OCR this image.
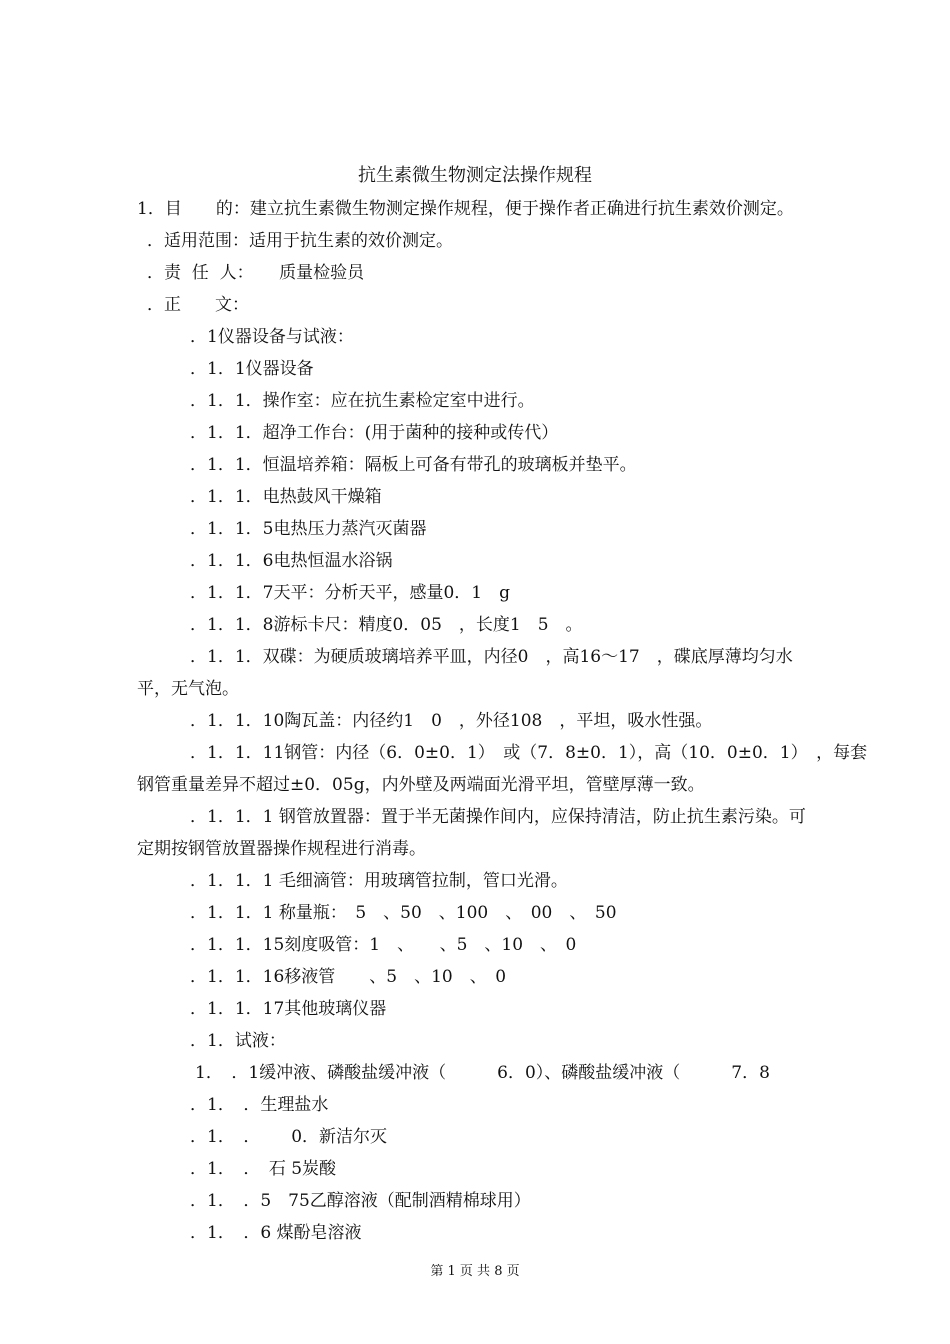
抗生素微生物测定法操作规程
1．目　　的：建立抗生素微生物测定操作规程，便于操作者正确进行抗生素效价测定。
．适用范围：适用于抗生素的效价测定。
．责  任  人：　　质量检验员
．正　　文：
．1仪器设备与试液：
．1．1仪器设备
．1．1．操作室：应在抗生素检定室中进行。
．1．1．超净工作台：(用于菌种的接种或传代）
．1．1．恒温培养箱：隔板上可备有带孔的玻璃板并垫平。
．1．1．电热鼓风干燥箱
．1．1．5电热压力蒸汽灭菌器
．1．1．6电热恒温水浴锅
．1．1．7天平：分析天平，感量0．1　g
．1．1．8游标卡尺：精度0．05　，长度1　5　。
．1．1．双碟：为硬质玻璃培养平皿，内径0　，高16～17　，碟底厚薄均匀水
平，无气泡。
．1．1．10陶瓦盖：内径约1　0　，外径108　，平坦，吸水性强。
．1．1．11钢管：内径（6．0±0．1）　或（7．8±0．1），高（10．0±0．1）　，每套
钢管重量差异不超过±0．05g，内外壁及两端面光滑平坦，管壁厚薄一致。
．1．1．1 钢管放置器：置于半无菌操作间内，应保持清洁，防止抗生素污染。可
定期按钢管放置器操作规程进行消毒。
．1．1．1 毛细滴管：用玻璃管拉制，管口光滑。
．1．1．1 称量瓶：　5　、50　、100　、　00　、　50
．1．1．15刻度吸管：1　、　　、5　、10　、　0
．1．1．16移液管　　、5　、10　、　0
．1．1．17其他玻璃仪器
．1．试液：
1．　．1缓冲液、磷酸盐缓冲液（　　　6．0）、磷酸盐缓冲液（　　　7．8
．1．　．生理盐水
．1．　．　　 0．新洁尔灭
．1．　．　石 5炭酸
．1．　．5　75乙醇溶液（配制酒精棉球用）
．1．　．6 煤酚皂溶液
第 1 页 共 8 页
